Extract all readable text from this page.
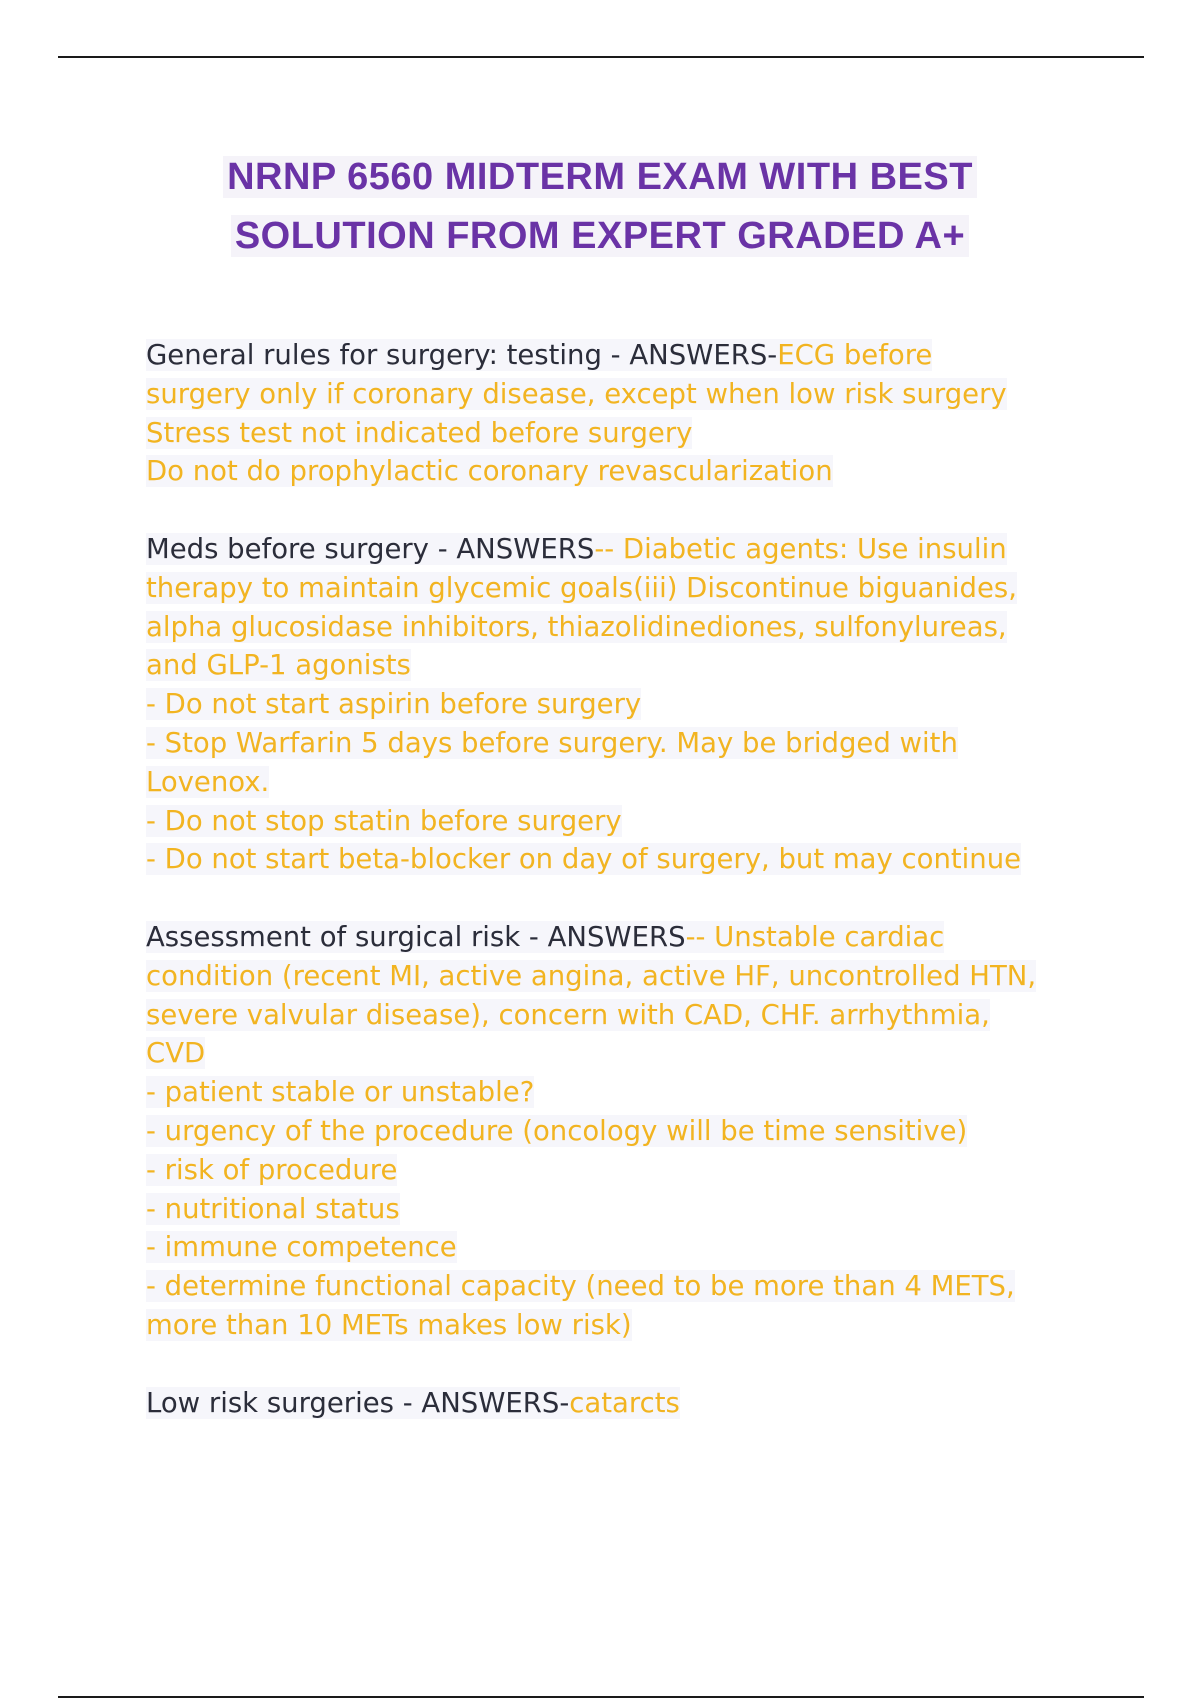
NRNP 6560 MIDTERM EXAM WITH BEST
SOLUTION FROM EXPERT GRADED A+
General rules for surgery: testing - ANSWERS-ECG before
surgery only if coronary disease, except when low risk surgery
Stress test not indicated before surgery
Do not do prophylactic coronary revascularization
Meds before surgery - ANSWERS-- Diabetic agents: Use insulin
therapy to maintain glycemic goals(iii) Discontinue biguanides,
alpha glucosidase inhibitors, thiazolidinediones, sulfonylureas,
and GLP-1 agonists
- Do not start aspirin before surgery
- Stop Warfarin 5 days before surgery. May be bridged with
Lovenox.
- Do not stop statin before surgery
- Do not start beta-blocker on day of surgery, but may continue
Assessment of surgical risk - ANSWERS-- Unstable cardiac
condition (recent MI, active angina, active HF, uncontrolled HTN,
severe valvular disease), concern with CAD, CHF. arrhythmia,
CVD
- patient stable or unstable?
- urgency of the procedure (oncology will be time sensitive)
- risk of procedure
- nutritional status
- immune competence
- determine functional capacity (need to be more than 4 METS,
more than 10 METs makes low risk)
Low risk surgeries - ANSWERS-catarcts
